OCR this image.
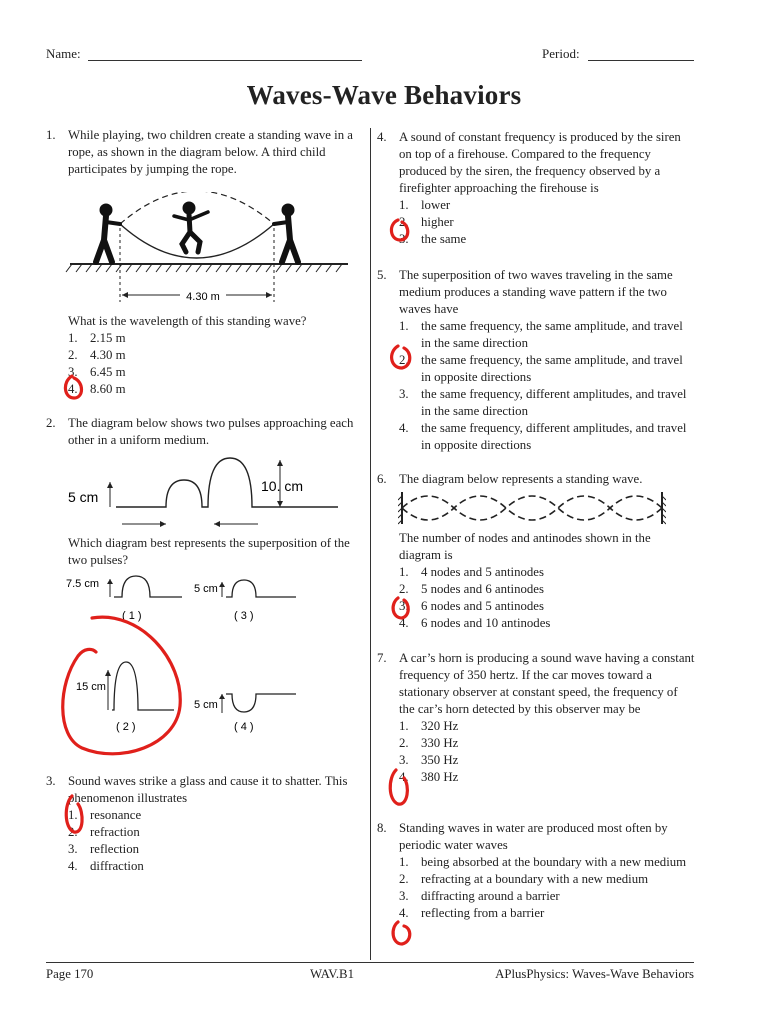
Name:	Period:
Waves-Wave Behaviors
1. While playing, two children create a standing wave in a rope, as shown in the diagram below. A third child participates by jumping the rope.
4.30 m
What is the wavelength of this standing wave?
1. 2.15 m
2. 4.30 m
3. 6.45 m
4. 8.60 m
2. The diagram below shows two pulses approaching each other in a uniform medium.
5 cm
10. cm
Which diagram best represents the superposition of the two pulses?
7.5 cm
( 1 )
5 cm
( 3 )
15 cm
( 2 )
5 cm
( 4 )
3. Sound waves strike a glass and cause it to shatter. This phenomenon illustrates
1. resonance
2. refraction
3. reflection
4. diffraction
4. A sound of constant frequency is produced by the siren on top of a firehouse. Compared to the frequency produced by the siren, the frequency observed by a firefighter approaching the firehouse is
1. lower
2. higher
3. the same
5. The superposition of two waves traveling in the same medium produces a standing wave pattern if the two waves have
1. the same frequency, the same amplitude, and travel in the same direction
2. the same frequency, the same amplitude, and travel in opposite directions
3. the same frequency, different amplitudes, and travel in the same direction
4. the same frequency, different amplitudes, and travel in opposite directions
6. The diagram below represents a standing wave.
The number of nodes and antinodes shown in the diagram is
1. 4 nodes and 5 antinodes
2. 5 nodes and 6 antinodes
3. 6 nodes and 5 antinodes
4. 6 nodes and 10 antinodes
7. A car’s horn is producing a sound wave having a constant frequency of 350 hertz. If the car moves toward a stationary observer at constant speed, the frequency of the car’s horn detected by this observer may be
1. 320 Hz
2. 330 Hz
3. 350 Hz
4. 380 Hz
8. Standing waves in water are produced most often by periodic water waves
1. being absorbed at the boundary with a new medium
2. refracting at a boundary with a new medium
3. diffracting around a barrier
4. reflecting from a barrier
Page 170	WAV.B1	APlusPhysics: Waves-Wave Behaviors
